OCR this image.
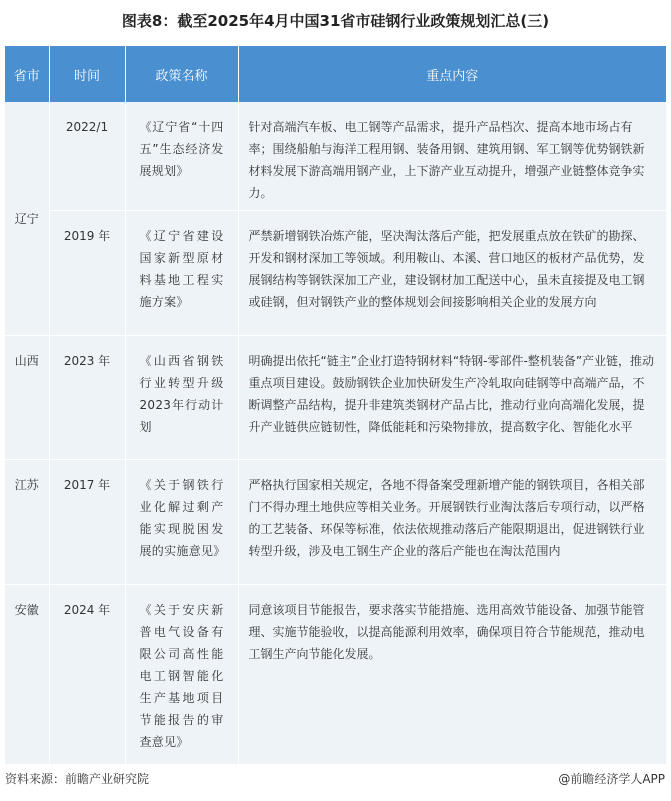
图表8：截至2025年4月中国31省市硅钢行业政策规划汇总(三)
省市	时间	政策名称	重点内容
辽宁	2022/1	《辽宁省“十四五”生态经济发展规划》	针对高端汽车板、电工钢等产品需求，提升产品档次、提高本地市场占有率；围绕船舶与海洋工程用钢、装备用钢、建筑用钢、军工钢等优势钢铁新材料发展下游高端用钢产业，上下游产业互动提升，增强产业链整体竞争实力。
	2019 年	《辽宁省建设国家新型原材料基地工程实施方案》	严禁新增钢铁冶炼产能，坚决淘汰落后产能，把发展重点放在铁矿的勘探、开发和钢材深加工等领域。利用鞍山、本溪、营口地区的板材产品优势，发展钢结构等钢铁深加工产业，建设钢材加工配送中心，虽未直接提及电工钢或硅钢，但对钢铁产业的整体规划会间接影响相关企业的发展方向
山西	2023 年	《山西省钢铁行业转型升级2023年行动计划	明确提出依托“链主”企业打造特钢材料“特钢-零部件-整机装备”产业链，推动重点项目建设。鼓励钢铁企业加快研发生产冷轧取向硅钢等中高端产品，不断调整产品结构，提升非建筑类钢材产品占比，推动行业向高端化发展，提升产业链供应链韧性，降低能耗和污染物排放，提高数字化、智能化水平
江苏	2017 年	《关于钢铁行业化解过剩产能实现脱困发展的实施意见》	严格执行国家相关规定，各地不得备案受理新增产能的钢铁项目，各相关部门不得办理土地供应等相关业务。开展钢铁行业淘汰落后专项行动，以严格的工艺装备、环保等标准，依法依规推动落后产能限期退出，促进钢铁行业转型升级，涉及电工钢生产企业的落后产能也在淘汰范围内
安徽	2024 年	《关于安庆新普电气设备有限公司高性能电工钢智能化生产基地项目节能报告的审查意见》	同意该项目节能报告，要求落实节能措施、选用高效节能设备、加强节能管理、实施节能验收，以提高能源利用效率，确保项目符合节能规范，推动电工钢生产向节能化发展。
资料来源：前瞻产业研究院	@前瞻经济学人APP
